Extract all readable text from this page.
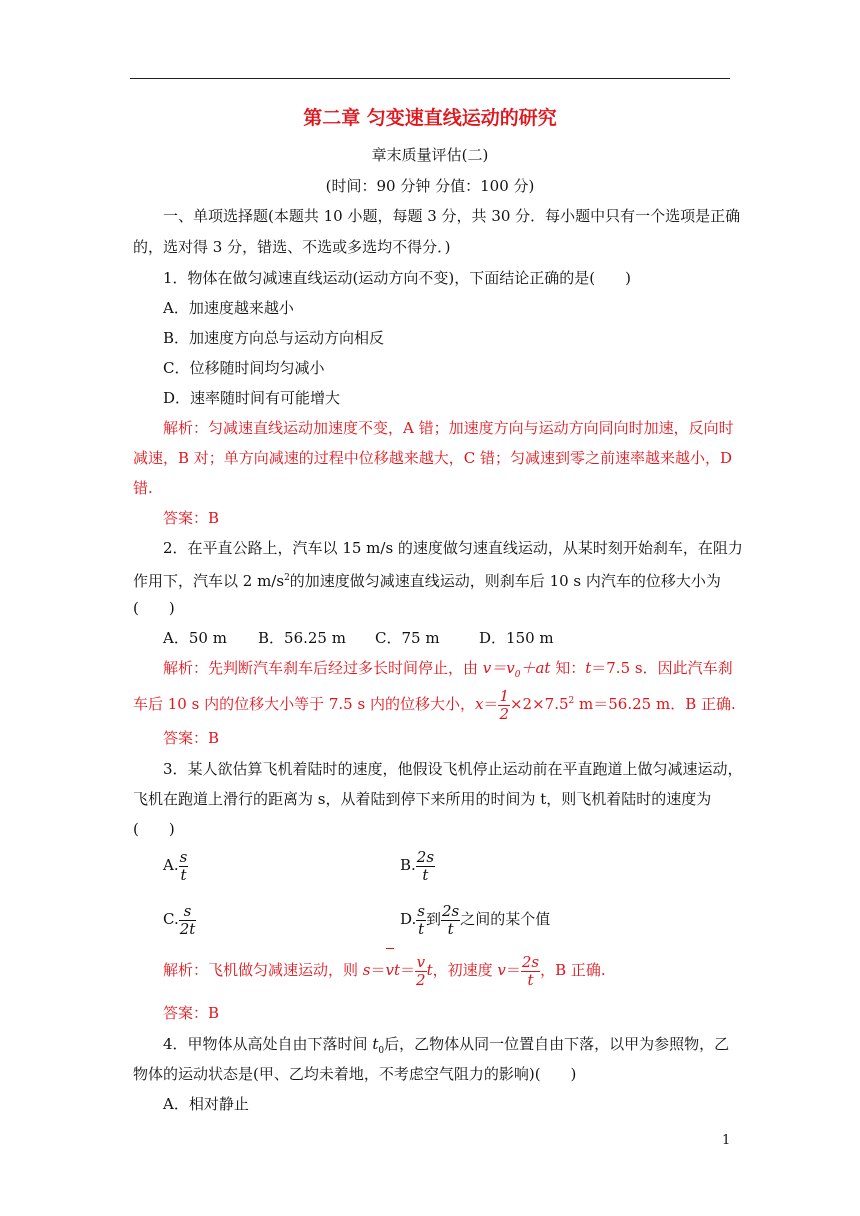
第二章 匀变速直线运动的研究
章末质量评估(二)
(时间：90 分钟 分值：100 分)
一、单项选择题(本题共 10 小题，每题 3 分，共 30 分．每小题中只有一个选项是正确
的，选对得 3 分，错选、不选或多选均不得分．)
1．物体在做匀减速直线运动(运动方向不变)，下面结论正确的是(　　)
A．加速度越来越小
B．加速度方向总与运动方向相反
C．位移随时间均匀减小
D．速率随时间有可能增大
解析：匀减速直线运动加速度不变，A 错；加速度方向与运动方向同向时加速，反向时
减速，B 对；单方向减速的过程中位移越来越大，C 错；匀减速到零之前速率越来越小，D
错.
答案：B
2．在平直公路上，汽车以 15 m/s 的速度做匀速直线运动，从某时刻开始刹车，在阻力
作用下，汽车以 2 $m/s^2$的加速度做匀减速直线运动，则刹车后 10 s 内汽车的位移大小为
(　　)
A．50 m B．56.25 m C．75 m	D．150 m
解析：先判断汽车刹车后经过多长时间停止，由 $v=v_0+at$ 知：t＝7.5 s．因此汽车刹
车后 10 s 内的位移大小等于 7.5 s 内的位移大小，$x= \frac{1}{2} \times 2\times 7.5^2$ m＝56.25 m．B 正确.
答案：B
3．某人欲估算飞机着陆时的速度，他假设飞机停止运动前在平直跑道上做匀减速运动，
飞机在跑道上滑行的距离为 s，从着陆到停下来所用的时间为 t，则飞机着陆时的速度为
(　　)
A. $\frac{s}{t}$	B. $\frac{2s}{t}$
C. $\frac{s}{2t}$	D. $\frac{s}{t}$ 到 $\frac{2s}{t}$ 之间的某个值
解析：飞机做匀减速运动，则 $s=vt= \frac{v}{2}$ t，初速度 $v= \frac{2s}{t}$ ，B 正确.
答案：B
4．甲物体从高处自由下落时间 $t_0$后，乙物体从同一位置自由下落，以甲为参照物，乙
物体的运动状态是(甲、乙均未着地，不考虑空气阻力的影响)(　　)
A．相对静止
1
